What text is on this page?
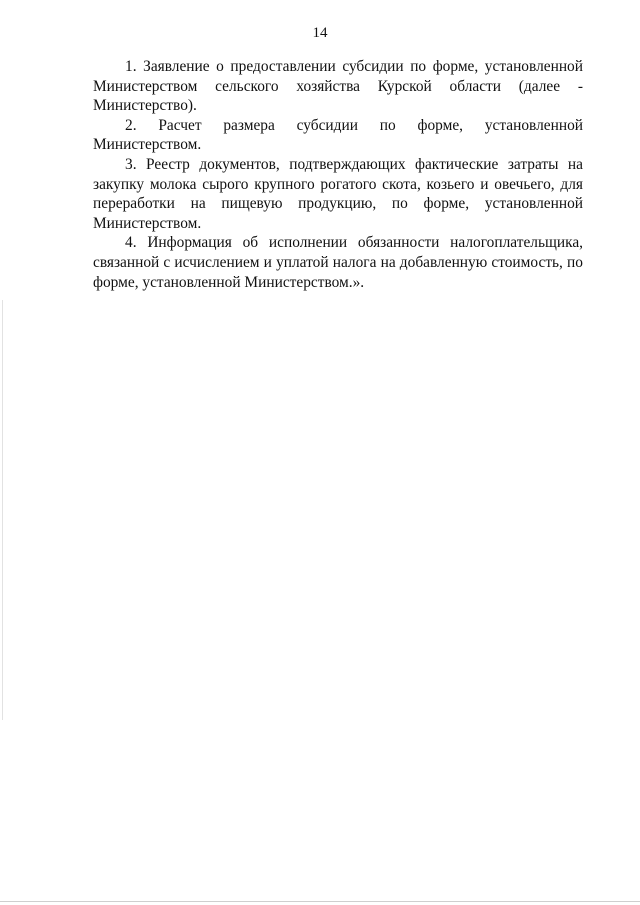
14

1. Заявление о предоставлении субсидии по форме, установленной Министерством сельского хозяйства Курской области (далее - Министерство).

2. Расчет размера субсидии по форме, установленной Министерством.

3. Реестр документов, подтверждающих фактические затраты на закупку молока сырого крупного рогатого скота, козьего и овечьего, для переработки на пищевую продукцию, по форме, установленной Министерством.

4. Информация об исполнении обязанности налогоплательщика, связанной с исчислением и уплатой налога на добавленную стоимость, по форме, установленной Министерством.».
